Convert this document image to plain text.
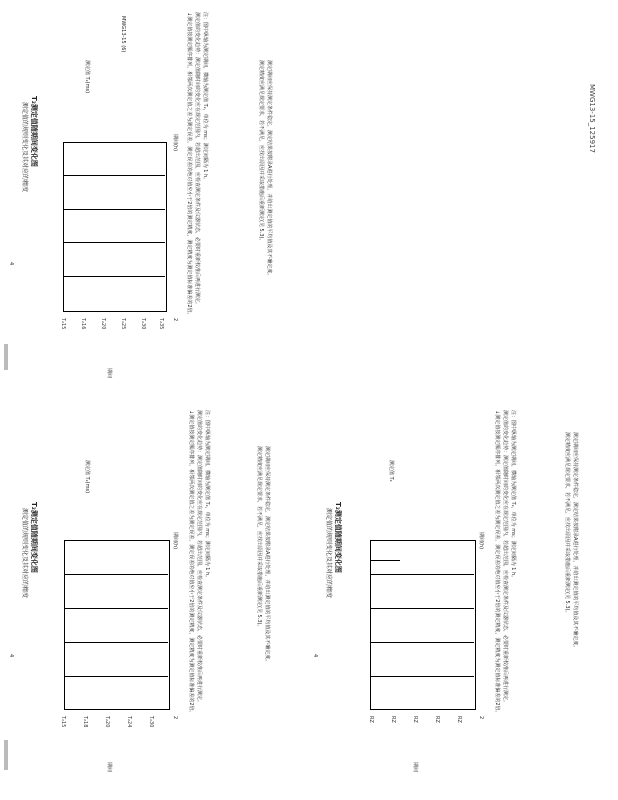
MWG13-15_125917
4
T₂测定值随期间变化图
测定值的规则变化及其对应的精度
测定值 T₂(ms)
T₂15	T₂16	T₂20	T₂25	T₂30 T₂35 2
期间(h)
期间
MWG13-15 (6)	↓测定值按测定顺序排列，相邻两次测定值之差为测定误差，测定误差的绝对值应小于2倍的测定精度，测定精度为测定值标准偏差的2倍。 测定值的变化趋势：测定值随时间的变化应在规定范围内，若超出范围，应检查测定条件及仪器状态，必要时重新校准后再进行测定。 注：图中纵轴为测定期间，横轴为测定值 T₂，单位为 ms；测定间隔为 1 h。	测定精度应满足规定要求，若不满足，应找出原因并采取措施后重新测定(见 5.3)。 测定期间应保持测定条件稳定，测定结果按附录A进行处理，并给出测定值的平均值及其不确定度。
4
T₂测定值随期间变化图
测定值的规则变化及其对应的精度
测定值 T₂(ms)
T₂15	T₂18	T₂20	T₂24	T₂30	2
期间(h)
期间
↓测定值按测定顺序排列，相邻两次测定值之差为测定误差，测定误差的绝对值应小于2倍的测定精度，测定精度为测定值标准偏差的2倍。 测定值的变化趋势：测定值随时间的变化应在规定范围内，若超出范围，应检查测定条件及仪器状态，必要时重新校准后再进行测定。 注：图中纵轴为测定期间，横轴为测定值 T₂，单位为 ms；测定间隔为 1 h。	测定精度应满足规定要求，若不满足，应找出原因并采取措施后重新测定(见 5.3)。 测定期间应保持测定条件稳定，测定结果按附录A进行处理，并给出测定值的平均值及其不确定度。	4
T₂测定值随期间变化图
测定值的规则变化及其对应的精度
测定值 T₂
RZ	RZ	RZ	RZ	RZ	2
期间(h)
期间
↓测定值按测定顺序排列，相邻两次测定值之差为测定误差，测定误差的绝对值应小于2倍的测定精度，测定精度为测定值标准偏差的2倍。 测定值的变化趋势：测定值随时间的变化应在规定范围内，若超出范围，应检查测定条件及仪器状态，必要时重新校准后再进行测定。 注：图中纵轴为测定期间，横轴为测定值 T₂，单位为 ms；测定间隔为 1 h。	测定精度应满足规定要求，若不满足，应找出原因并采取措施后重新测定(见 5.3)。 测定期间应保持测定条件稳定，测定结果按附录A进行处理，并给出测定值的平均值及其不确定度。
